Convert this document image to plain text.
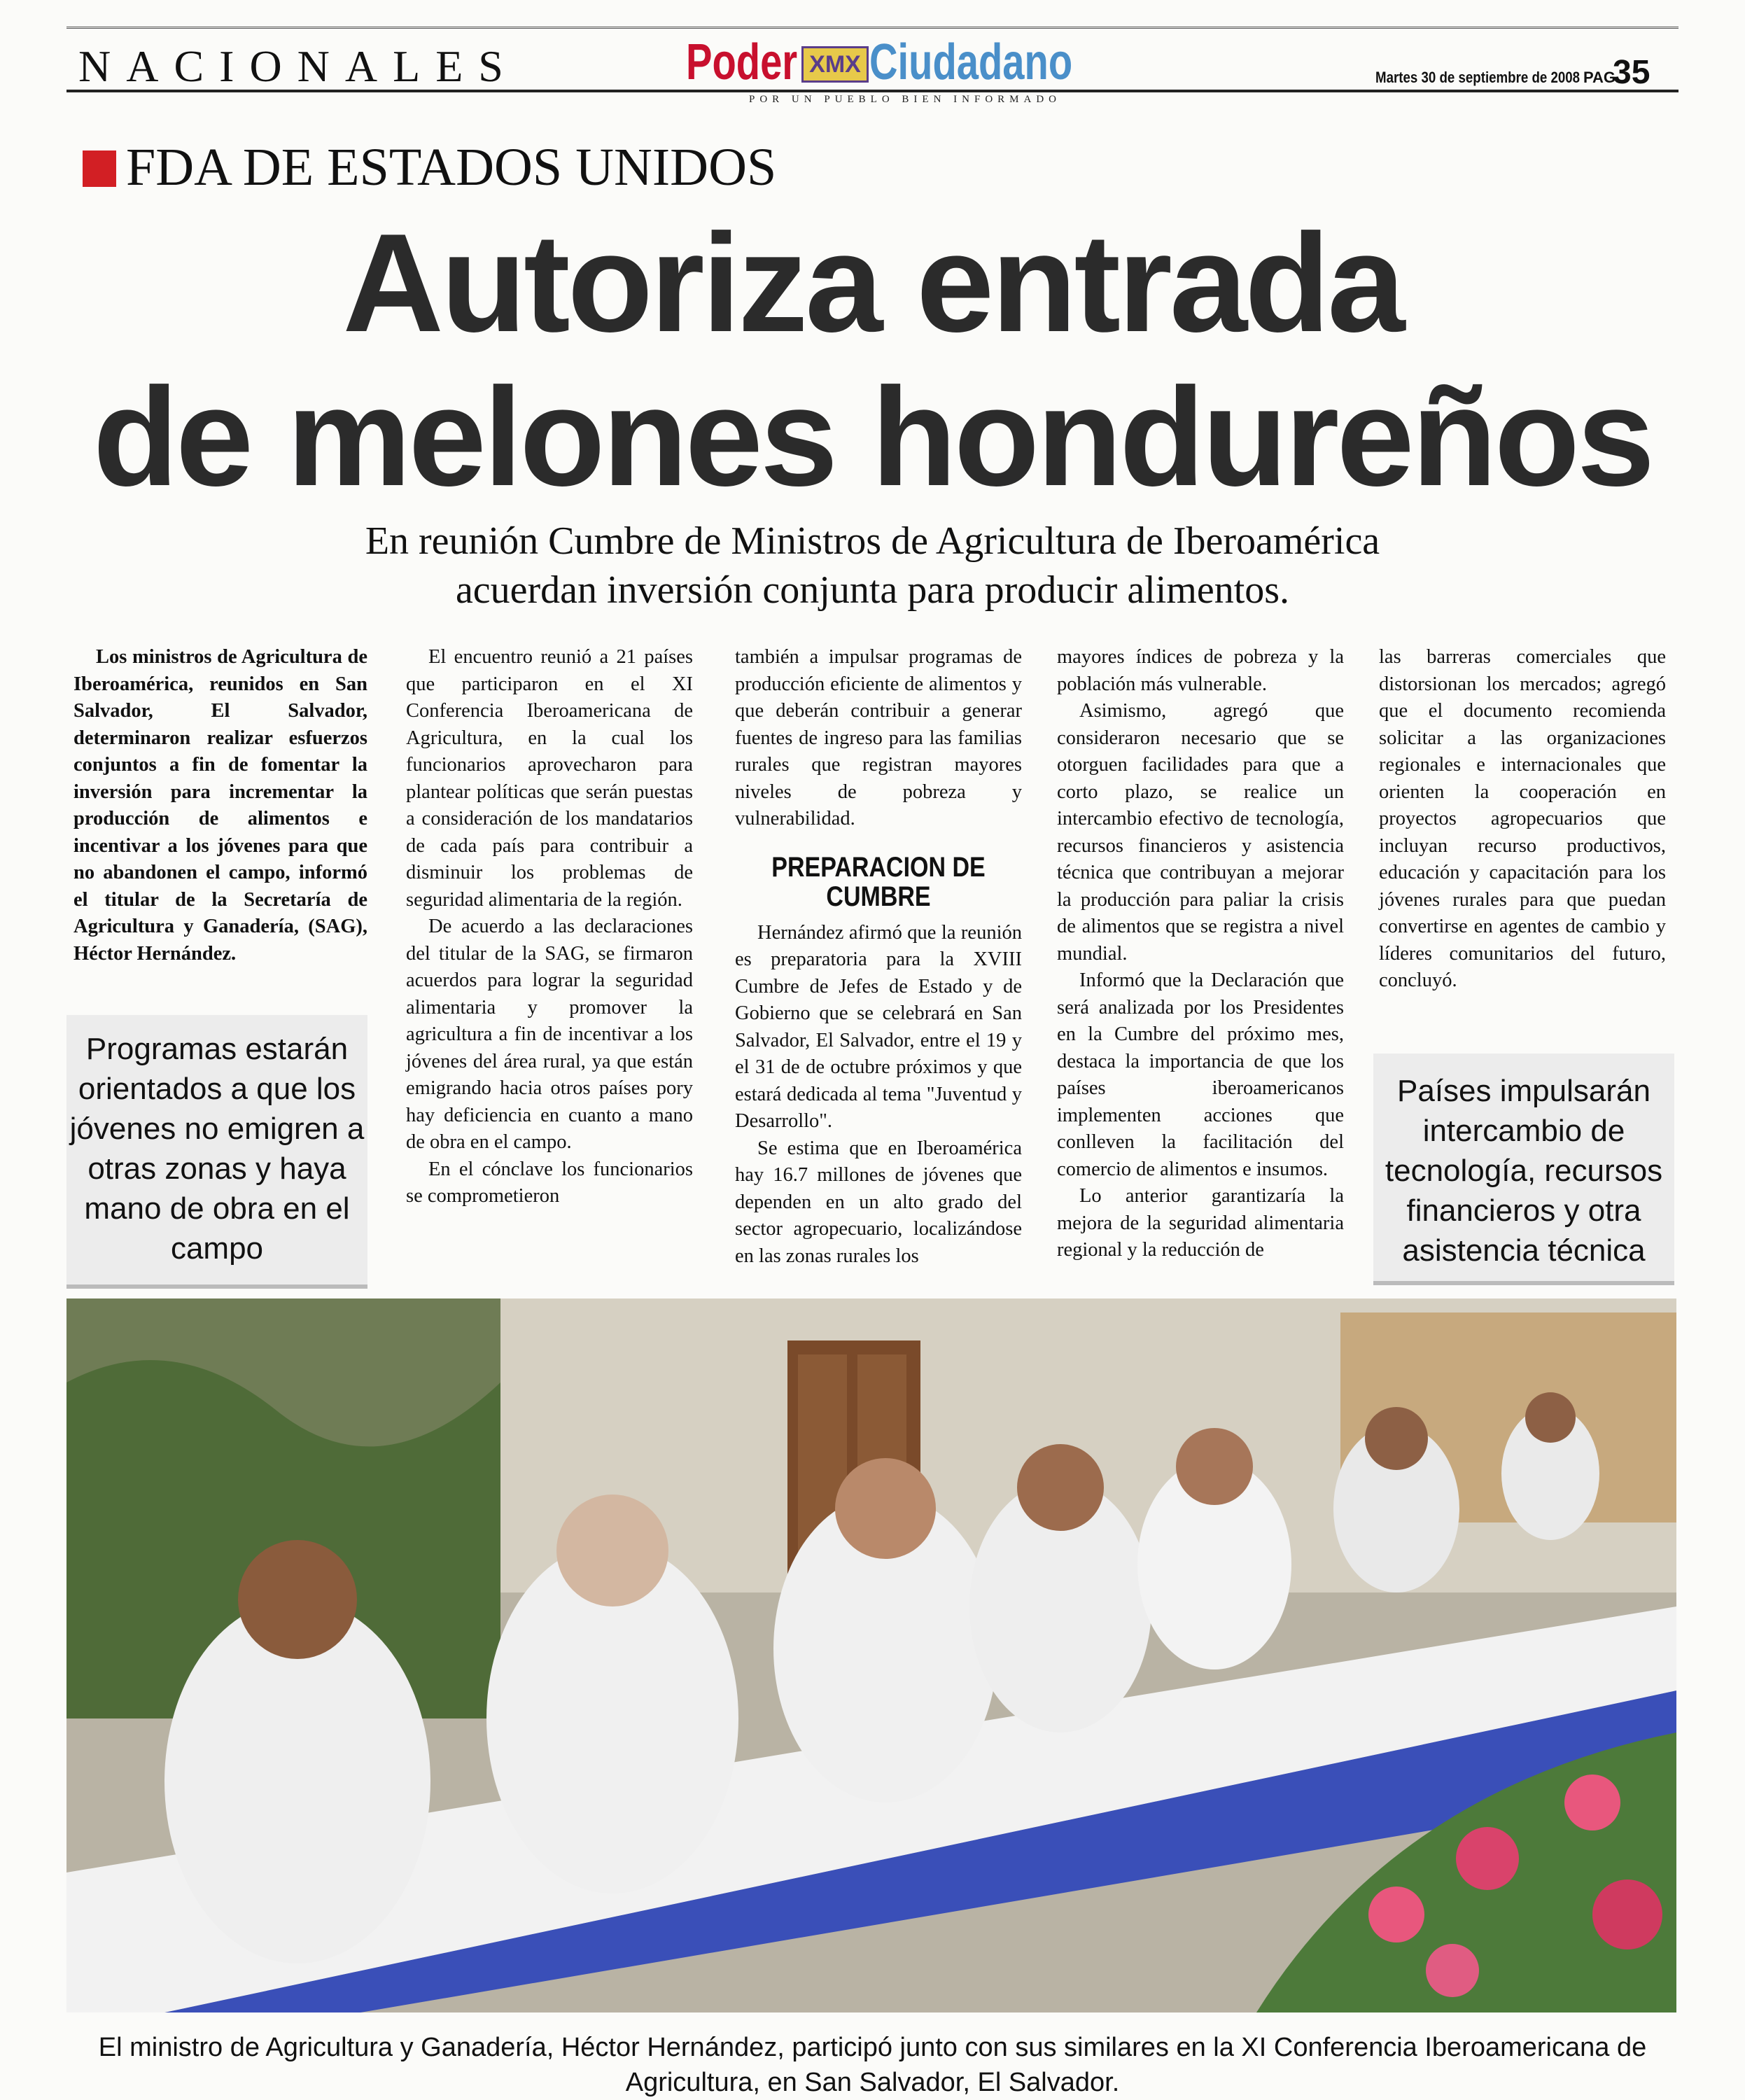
NACIONALES	Poder XMX Ciudadano
POR UN PUEBLO BIEN INFORMADO
Martes 30 de septiembre de 2008 PAG.
35
FDA DE ESTADOS UNIDOS
Autoriza entrada
de melones hondureños
En reunión Cumbre de Ministros de Agricultura de Iberoamérica
acuerdan inversión conjunta para producir alimentos.

Los ministros de Agricultura de Iberoamérica, reunidos en San Salvador, El Salvador, determinaron realizar esfuerzos conjuntos a fin de fomentar la inversión para incrementar la producción de alimentos e incentivar a los jóvenes para que no abandonen el campo, informó el titular de la Secretaría de Agricultura y Ganadería, (SAG), Héctor Hernández.

Programas estarán orientados a que los jóvenes no emigren a otras zonas y haya mano de obra en el campo

El encuentro reunió a 21 países que participaron en el XI Conferencia Iberoamericana de Agricultura, en la cual los funcionarios aprovecharon para plantear políticas que serán puestas a consideración de los mandatarios de cada país para contribuir a disminuir los problemas de seguridad alimentaria de la región.

De acuerdo a las declaraciones del titular de la SAG, se firmaron acuerdos para lograr la seguridad alimentaria y promover la agricultura a fin de incentivar a los jóvenes del área rural, ya que están emigrando hacia otros países pory hay deficiencia en cuanto a mano de obra en el campo.

En el cónclave los funcionarios se comprometieron

también a impulsar programas de producción eficiente de alimentos y que deberán contribuir a generar fuentes de ingreso para las familias rurales que registran mayores niveles de pobreza y vulnerabilidad.

PREPARACION DE CUMBRE

Hernández afirmó que la reunión es preparatoria para la XVIII Cumbre de Jefes de Estado y de Gobierno que se celebrará en San Salvador, El Salvador, entre el 19 y el 31 de de octubre próximos y que estará dedicada al tema "Juventud y Desarrollo".

Se estima que en Iberoamérica hay 16.7 millones de jóvenes que dependen en un alto grado del sector agropecuario, localizándose en las zonas rurales los

mayores índices de pobreza y la población más vulnerable.

Asimismo, agregó que consideraron necesario que se otorguen facilidades para que a corto plazo, se realice un intercambio efectivo de tecnología, recursos financieros y asistencia técnica que contribuyan a mejorar la producción para paliar la crisis de alimentos que se registra a nivel mundial.

Informó que la Declaración que será analizada por los Presidentes en la Cumbre del próximo mes, destaca la importancia de que los países iberoamericanos implementen acciones que conlleven la facilitación del comercio de alimentos e insumos.

Lo anterior garantizaría la mejora de la seguridad alimentaria regional y la reducción de

las barreras comerciales que distorsionan los mercados; agregó que el documento recomienda solicitar a las organizaciones regionales e internacionales que orienten la cooperación en proyectos agropecuarios que incluyan recurso productivos, educación y capacitación para los jóvenes rurales para que puedan convertirse en agentes de cambio y líderes comunitarios del futuro, concluyó.

Países impulsarán intercambio de tecnología, recursos financieros y otra asistencia técnica
El ministro de Agricultura y Ganadería, Héctor Hernández, participó junto con sus similares en la XI Conferencia Iberoamericana de
Agricultura, en San Salvador, El Salvador.
